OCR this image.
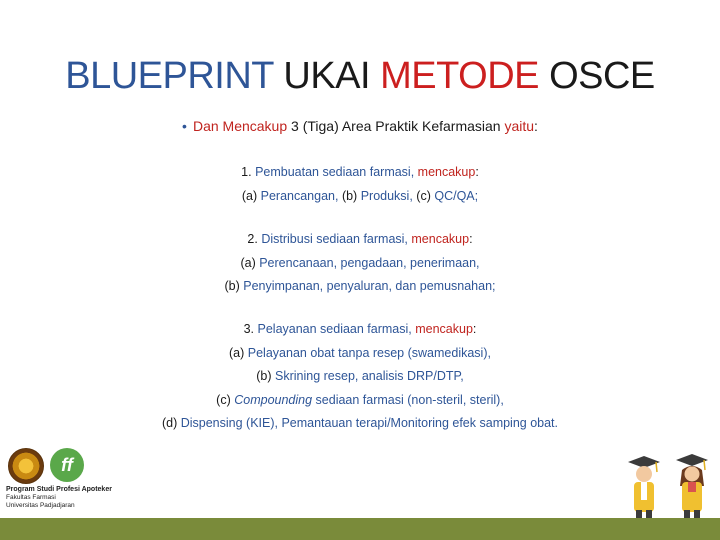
BLUEPRINT UKAI METODE OSCE
• Dan Mencakup 3 (Tiga) Area Praktik Kefarmasian yaitu:
1. Pembuatan sediaan farmasi, mencakup:
(a) Perancangan, (b) Produksi, (c) QC/QA;
2. Distribusi sediaan farmasi, mencakup:
(a) Perencanaan, pengadaan, penerimaan,
(b) Penyimpanan, penyaluran, dan pemusnahan;
3. Pelayanan sediaan farmasi, mencakup:
(a) Pelayanan obat tanpa resep (swamedikasi),
(b) Skrining resep, analisis DRP/DTP,
(c) Compounding sediaan farmasi (non-steril, steril),
(d) Dispensing (KIE), Pemantauan terapi/Monitoring efek samping obat.
ff
Program Studi Profesi Apoteker
Fakultas Farmasi
Universitas Padjadjaran
